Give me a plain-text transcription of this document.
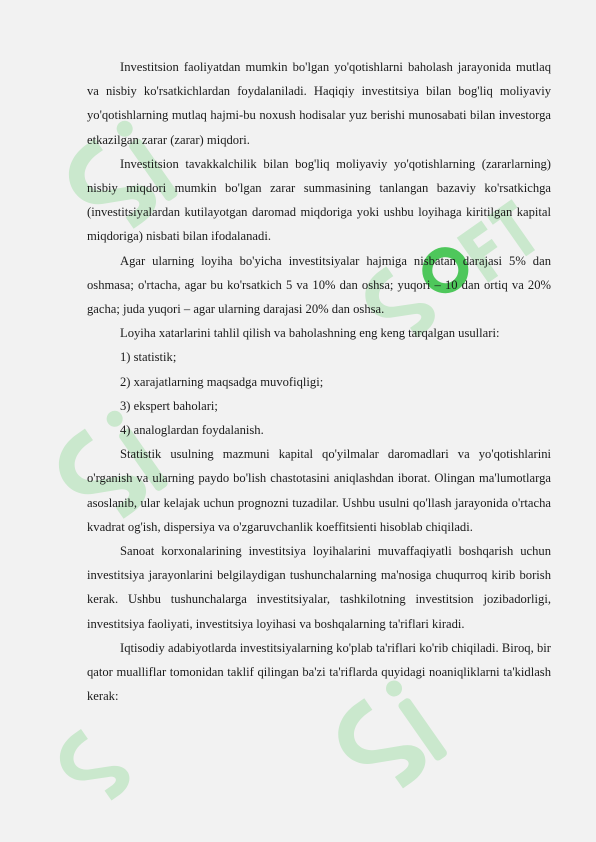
Investitsion faoliyatdan mumkin bo'lgan yo'qotishlarni baholash jarayonida mutlaq va nisbiy ko'rsatkichlardan foydalaniladi. Haqiqiy investitsiya bilan bog'liq moliyaviy yo'qotishlarning mutlaq hajmi-bu noxush hodisalar yuz berishi munosabati bilan investorga etkazilgan zarar (zarar) miqdori.

Investitsion tavakkalchilik bilan bog'liq moliyaviy yo'qotishlarning (zararlarning) nisbiy miqdori mumkin bo'lgan zarar summasining tanlangan bazaviy ko'rsatkichga (investitsiyalardan kutilayotgan daromad miqdoriga yoki ushbu loyihaga kiritilgan kapital miqdoriga) nisbati bilan ifodalanadi.

Agar ularning loyiha bo'yicha investitsiyalar hajmiga nisbatan darajasi 5% dan oshmasa; o'rtacha, agar bu ko'rsatkich 5 va 10% dan oshsa; yuqori – 10 dan ortiq va 20% gacha; juda yuqori – agar ularning darajasi 20% dan oshsa.

Loyiha xatarlarini tahlil qilish va baholashning eng keng tarqalgan usullari:

1) statistik;

2) xarajatlarning maqsadga muvofiqligi;

3) ekspert baholari;

4) analoglardan foydalanish.

Statistik usulning mazmuni kapital qo'yilmalar daromadlari va yo'qotishlarini o'rganish va ularning paydo bo'lish chastotasini aniqlashdan iborat. Olingan ma'lumotlarga asoslanib, ular kelajak uchun prognozni tuzadilar. Ushbu usulni qo'llash jarayonida o'rtacha kvadrat og'ish, dispersiya va o'zgaruvchanlik koeffitsienti hisoblab chiqiladi.

Sanoat korxonalarining investitsiya loyihalarini muvaffaqiyatli boshqarish uchun investitsiya jarayonlarini belgilaydigan tushunchalarning ma'nosiga chuqurroq kirib borish kerak. Ushbu tushunchalarga investitsiyalar, tashkilotning investitsion jozibadorligi, investitsiya faoliyati, investitsiya loyihasi va boshqalarning ta'riflari kiradi.

Iqtisodiy adabiyotlarda investitsiyalarning ko'plab ta'riflari ko'rib chiqiladi. Biroq, bir qator mualliflar tomonidan taklif qilingan ba'zi ta'riflarda quyidagi noaniqliklarni ta'kidlash kerak:
